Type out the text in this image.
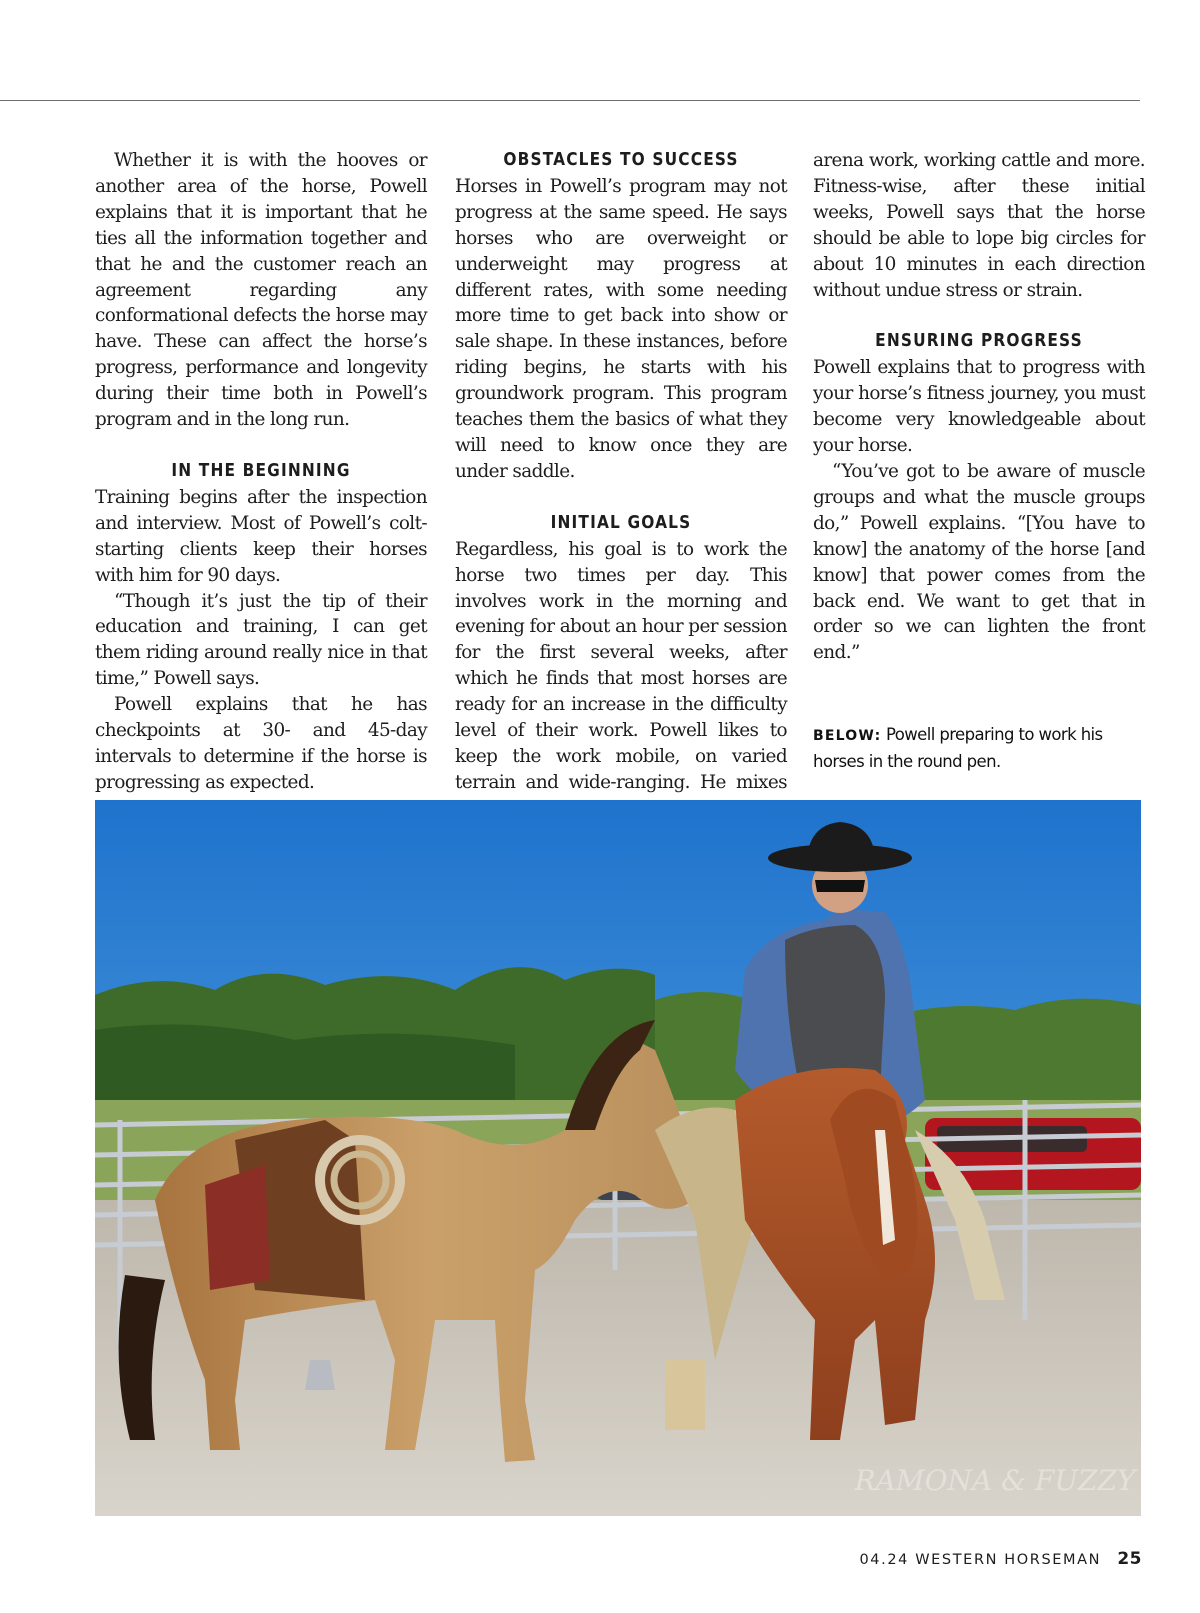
Whether it is with the hooves or another area of the horse, Powell explains that it is important that he ties all the information together and that he and the customer reach an agreement regarding any conformational defects the horse may have. These can affect the horse’s progress, performance and longevity during their time both in Powell’s program and in the long run.

IN THE BEGINNING

Training begins after the inspection and interview. Most of Powell’s colt-starting clients keep their horses with him for 90 days.

“Though it’s just the tip of their education and training, I can get them riding around really nice in that time,” Powell says.

Powell explains that he has checkpoints at 30- and 45-day intervals to determine if the horse is progressing as expected.

OBSTACLES TO SUCCESS

Horses in Powell’s program may not progress at the same speed. He says horses who are overweight or underweight may progress at different rates, with some needing more time to get back into show or sale shape. In these instances, before riding begins, he starts with his groundwork program. This program teaches them the basics of what they will need to know once they are under saddle.

INITIAL GOALS

Regardless, his goal is to work the horse two times per day. This involves work in the morning and evening for about an hour per session for the first several weeks, after which he finds that most horses are ready for an increase in the difficulty level of their work. Powell likes to keep the work mobile, on varied terrain and wide-ranging. He mixes

arena work, working cattle and more. Fitness-wise, after these initial weeks, Powell says that the horse should be able to lope big circles for about 10 minutes in each direction without undue stress or strain.

ENSURING PROGRESS

Powell explains that to progress with your horse’s fitness journey, you must become very knowledgeable about your horse.

“You’ve got to be aware of muscle groups and what the muscle groups do,” Powell explains. “[You have to know] the anatomy of the horse [and know] that power comes from the back end. We want to get that in order so we can lighten the front end.”

BELOW: Powell preparing to work his horses in the round pen.
RAMONA & FUZZY
04.24 WESTERN HORSEMAN 25
